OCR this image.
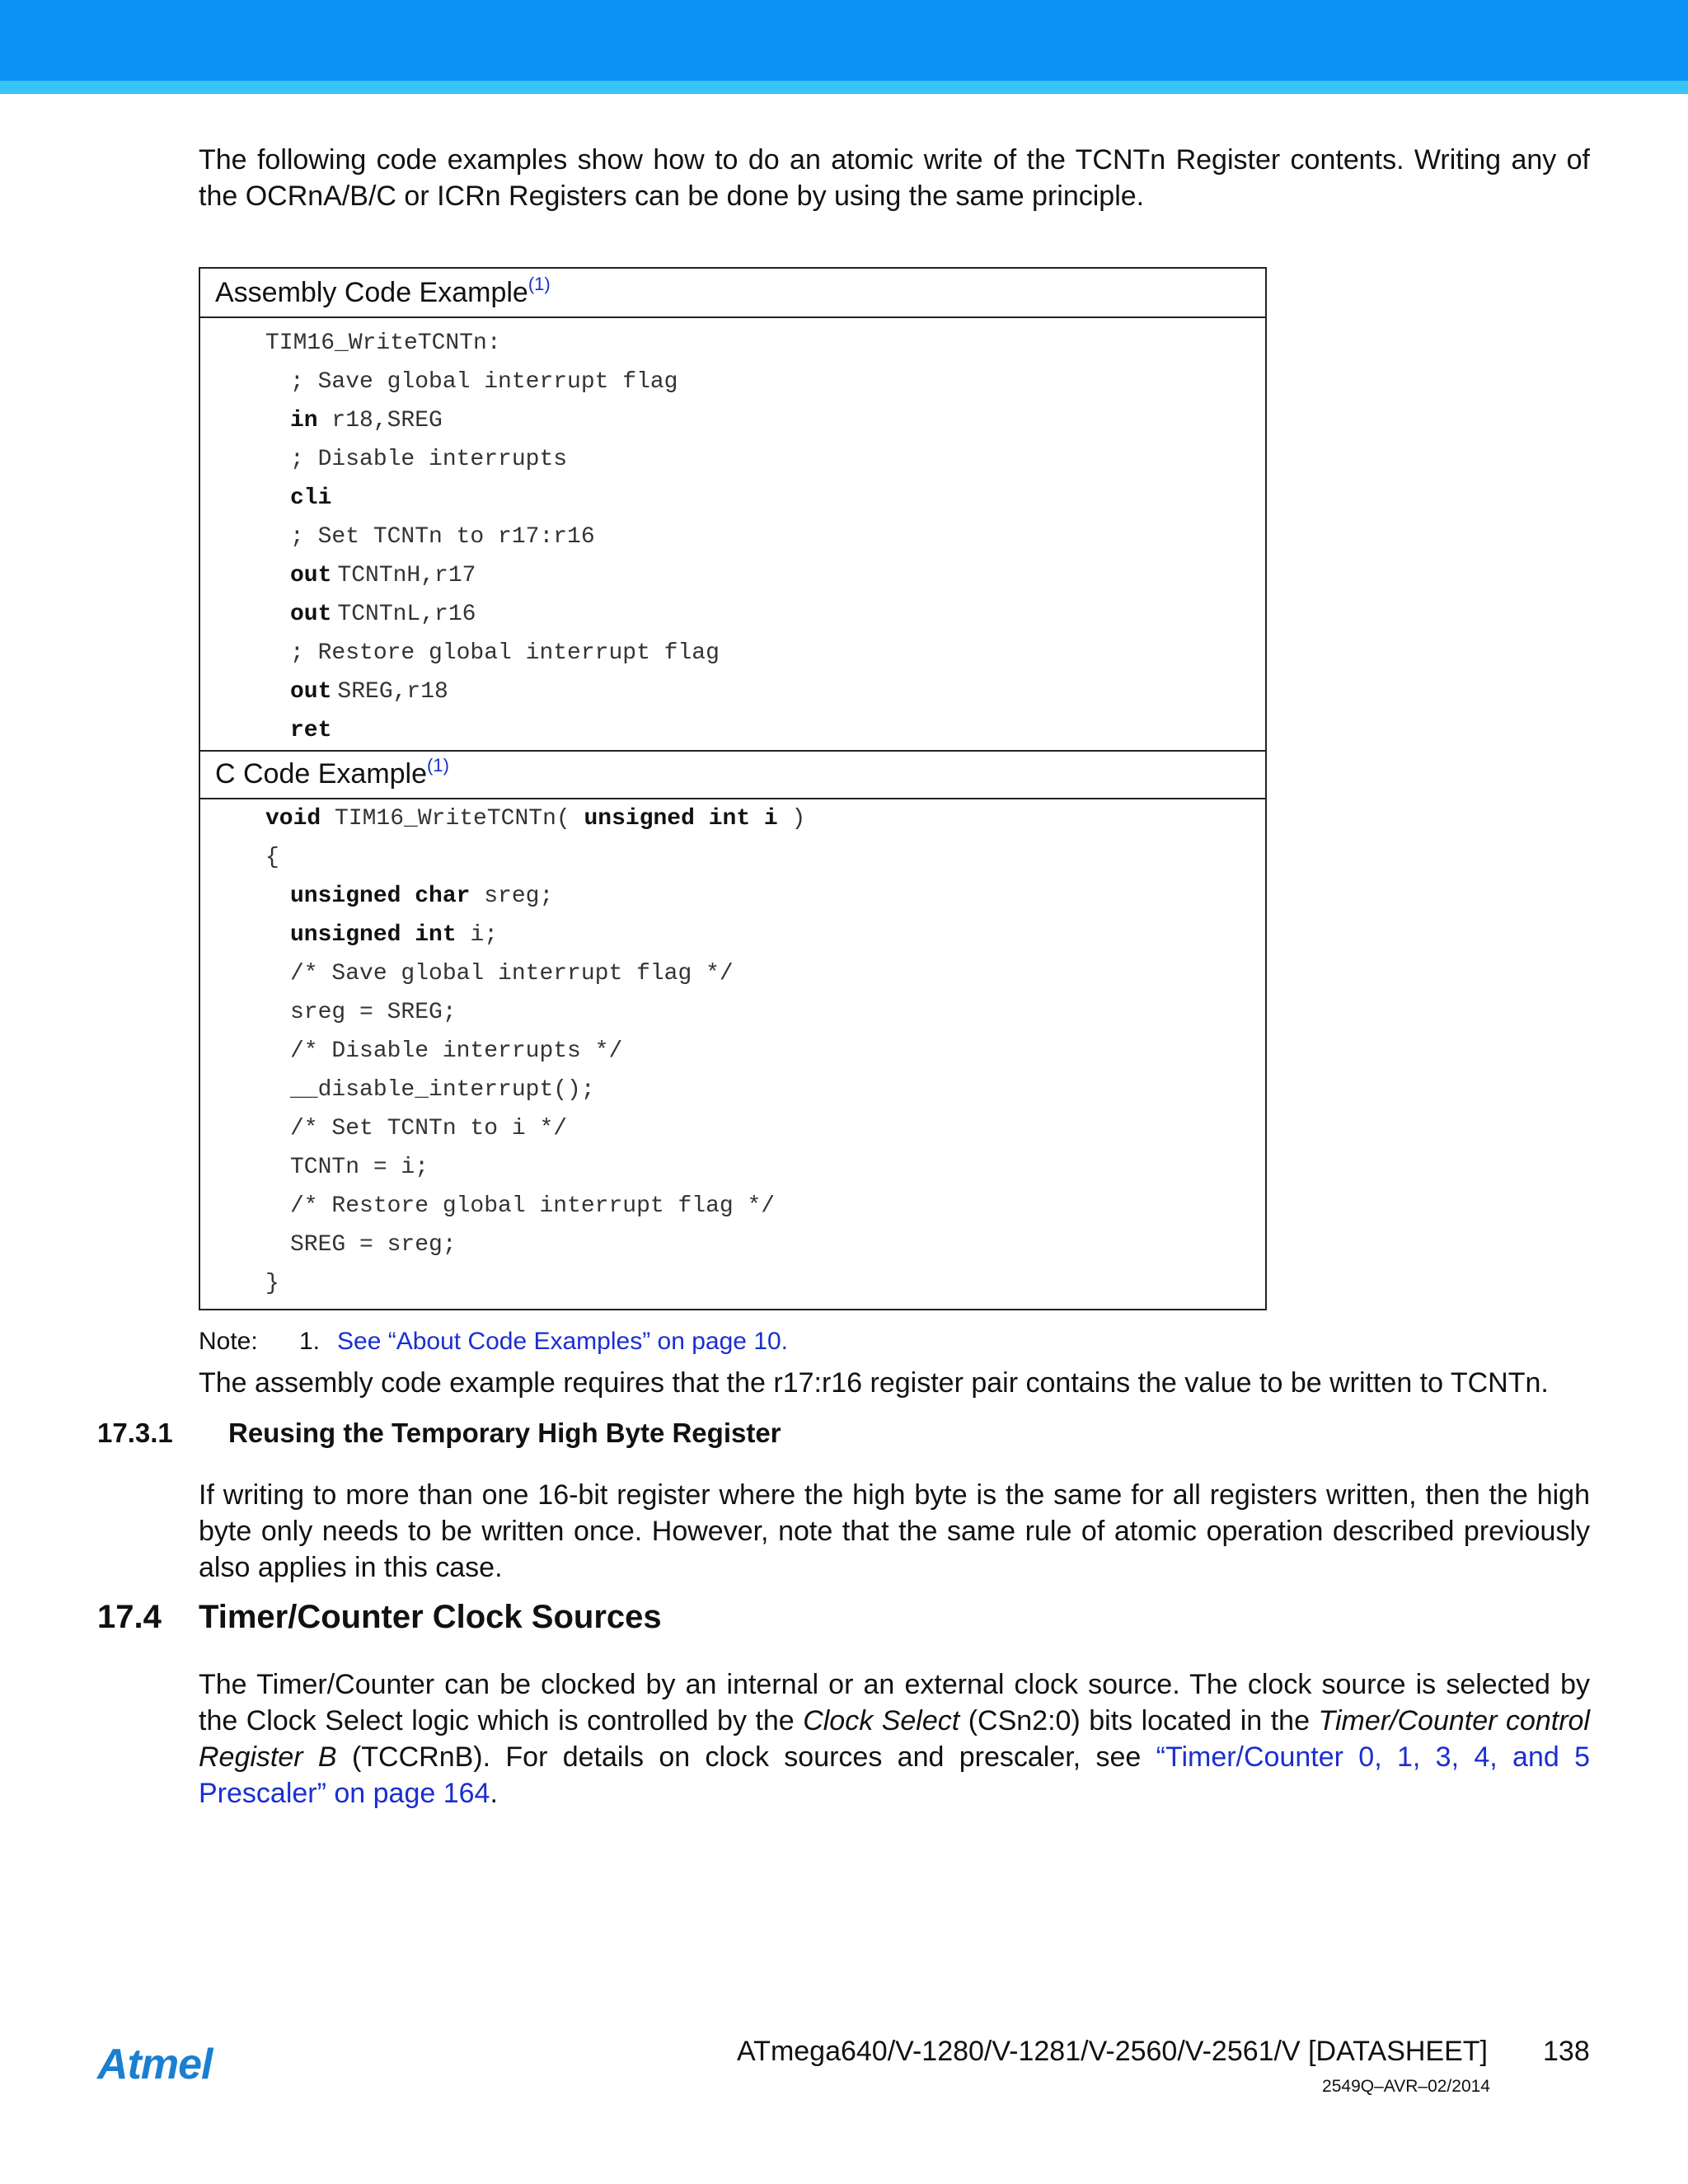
The following code examples show how to do an atomic write of the TCNTn Register contents. Writing any of the OCRnA/B/C or ICRn Registers can be done by using the same principle.

Assembly Code Example$^{(1)}$
TIM16_WriteTCNTn:
; Save global interrupt flag
in r18,SREG
; Disable interrupts
cli
; Set TCNTn to r17:r16
out TCNTnH,r17
out TCNTnL,r16
; Restore global interrupt flag
out SREG,r18
ret
C Code Example$^{(1)}$
void TIM16_WriteTCNTn( unsigned int i )
{
unsigned char sreg;
unsigned int i;
/* Save global interrupt flag */
sreg = SREG;
/* Disable interrupts */
__disable_interrupt();
/* Set TCNTn to i */
TCNTn = i;
/* Restore global interrupt flag */
SREG = sreg;
}
Note: 1. See “About Code Examples” on page 10.

The assembly code example requires that the r17:r16 register pair contains the value to be written to TCNTn.

17.3.1 Reusing the Temporary High Byte Register

If writing to more than one 16-bit register where the high byte is the same for all registers written, then the high byte only needs to be written once. However, note that the same rule of atomic operation described previously also applies in this case.

17.4 Timer/Counter Clock Sources

The Timer/Counter can be clocked by an internal or an external clock source. The clock source is selected by the Clock Select logic which is controlled by the Clock Select (CSn2:0) bits located in the Timer/Counter control Register B (TCCRnB). For details on clock sources and prescaler, see “Timer/Counter 0, 1, 3, 4, and 5 Prescaler” on page 164.

Atmel	ATmega640/V-1280/V-1281/V-2560/V-2561/V [DATASHEET] 138
2549Q–AVR–02/2014
